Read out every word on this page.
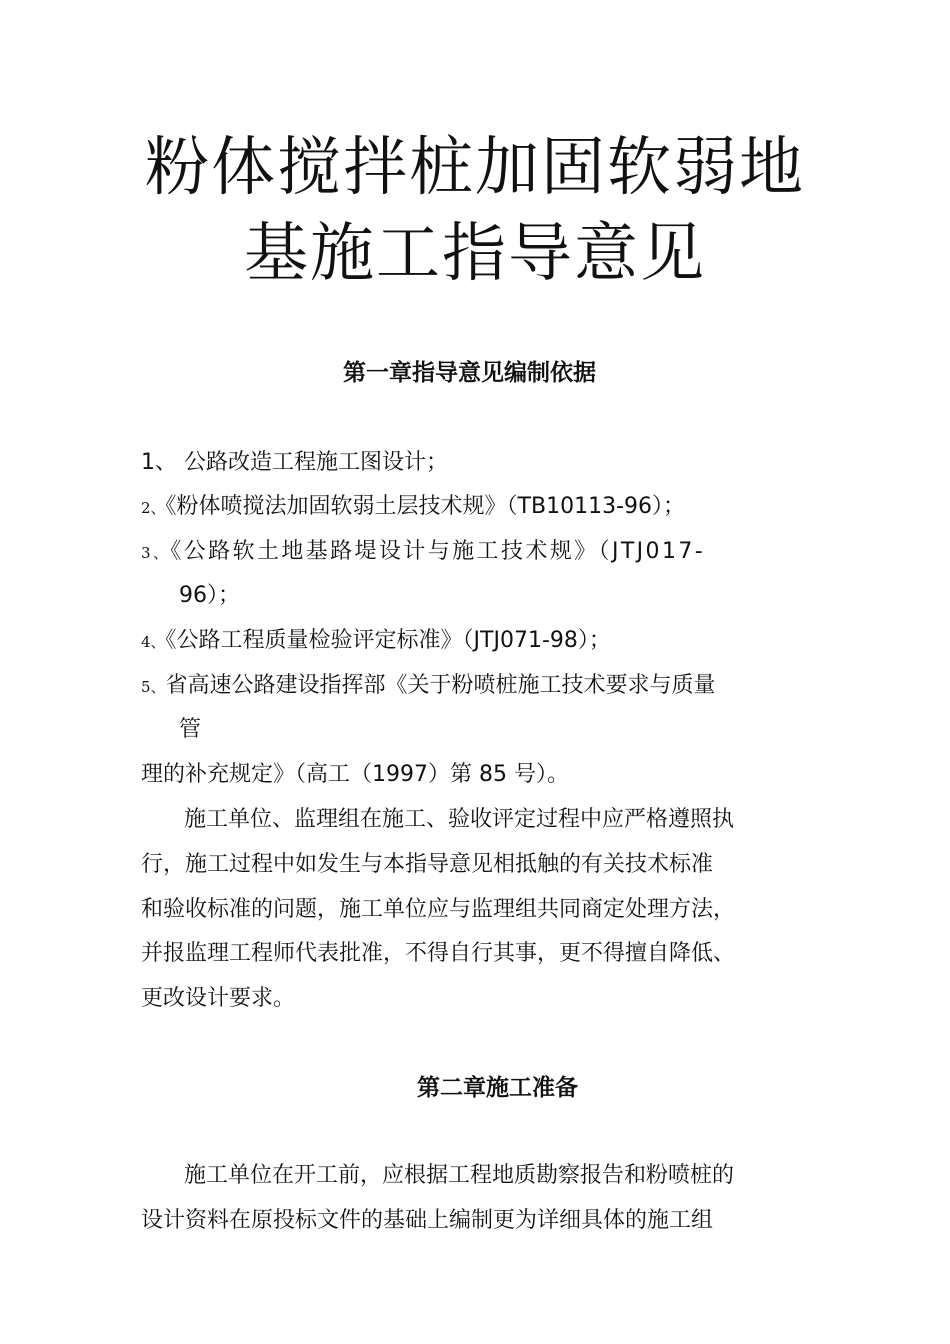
粉体搅拌桩加固软弱地
基施工指导意见
第一章指导意见编制依据
1、 公路改造工程施工图设计；
2、《粉体喷搅法加固软弱土层技术规》（TB10113-96）；
3、《公路软土地基路堤设计与施工技术规》（JTJ017-
96）；
4、《公路工程质量检验评定标准》（JTJ071-98）；
5、省高速公路建设指挥部《关于粉喷桩施工技术要求与质量
管
理的补充规定》（高工（1997）第 85 号）。
施工单位、监理组在施工、验收评定过程中应严格遵照执
行，施工过程中如发生与本指导意见相抵触的有关技术标准
和验收标准的问题，施工单位应与监理组共同商定处理方法，
并报监理工程师代表批准，不得自行其事，更不得擅自降低、
更改设计要求。
第二章施工准备
施工单位在开工前，应根据工程地质勘察报告和粉喷桩的
设计资料在原投标文件的基础上编制更为详细具体的施工组
